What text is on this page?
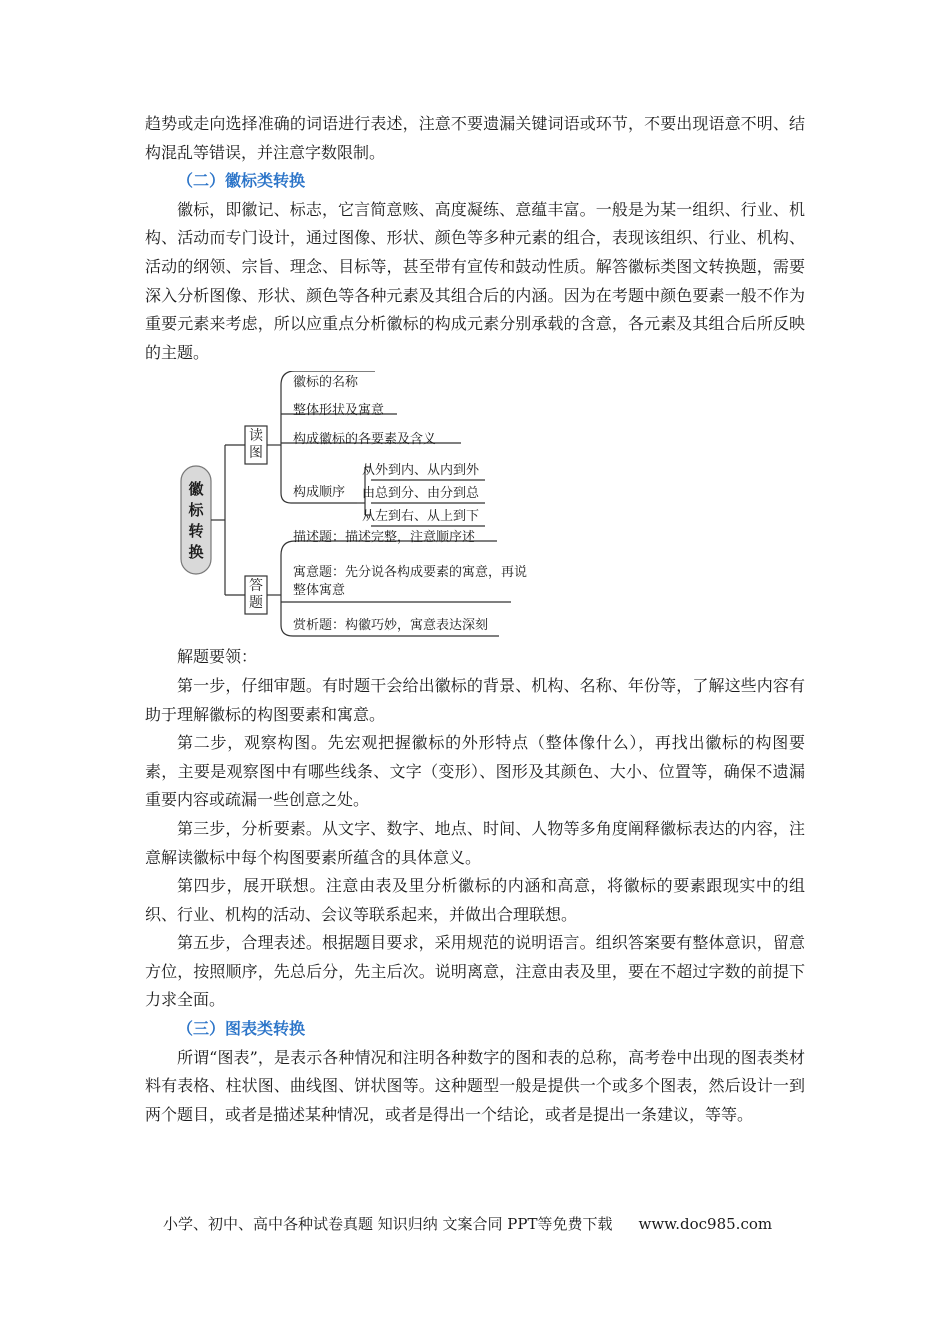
趋势或走向选择准确的词语进行表述，注意不要遗漏关键词语或环节，不要出现语意不明、结构混乱等错误，并注意字数限制。

（二）徽标类转换

徽标，即徽记、标志，它言简意赅、高度凝练、意蕴丰富。一般是为某一组织、行业、机构、活动而专门设计，通过图像、形状、颜色等多种元素的组合，表现该组织、行业、机构、活动的纲领、宗旨、理念、目标等，甚至带有宣传和鼓动性质。解答徽标类图文转换题，需要深入分析图像、形状、颜色等各种元素及其组合后的内涵。因为在考题中颜色要素一般不作为重要元素来考虑，所以应重点分析徽标的构成元素分别承载的含意，各元素及其组合后所反映的主题。

徽标转换
读图
答题
徽标的名称
整体形状及寓意
构成徽标的各要素及含义
构成顺序
从外到内、从内到外
由总到分、由分到总
从左到右、从上到下
描述题：描述完整，注意顺序述
寓意题：先分说各构成要素的寓意，再说整体寓意
赏析题：构徽巧妙，寓意表达深刻

解题要领：

第一步，仔细审题。有时题干会给出徽标的背景、机构、名称、年份等，了解这些内容有助于理解徽标的构图要素和寓意。

第二步，观察构图。先宏观把握徽标的外形特点（整体像什么），再找出徽标的构图要素，主要是观察图中有哪些线条、文字（变形）、图形及其颜色、大小、位置等，确保不遗漏重要内容或疏漏一些创意之处。

第三步，分析要素。从文字、数字、地点、时间、人物等多角度阐释徽标表达的内容，注意解读徽标中每个构图要素所蕴含的具体意义。

第四步，展开联想。注意由表及里分析徽标的内涵和高意，将徽标的要素跟现实中的组织、行业、机构的活动、会议等联系起来，并做出合理联想。

第五步，合理表述。根据题目要求，采用规范的说明语言。组织答案要有整体意识，留意方位，按照顺序，先总后分，先主后次。说明离意，注意由表及里，要在不超过字数的前提下力求全面。

（三）图表类转换

所谓“图表”，是表示各种情况和注明各种数字的图和表的总称，高考卷中出现的图表类材料有表格、柱状图、曲线图、饼状图等。这种题型一般是提供一个或多个图表，然后设计一到两个题目，或者是描述某种情况，或者是得出一个结论，或者是提出一条建议，等等。

小学、初中、高中各种试卷真题 知识归纳 文案合同 PPT等免费下载 www.doc985.com
